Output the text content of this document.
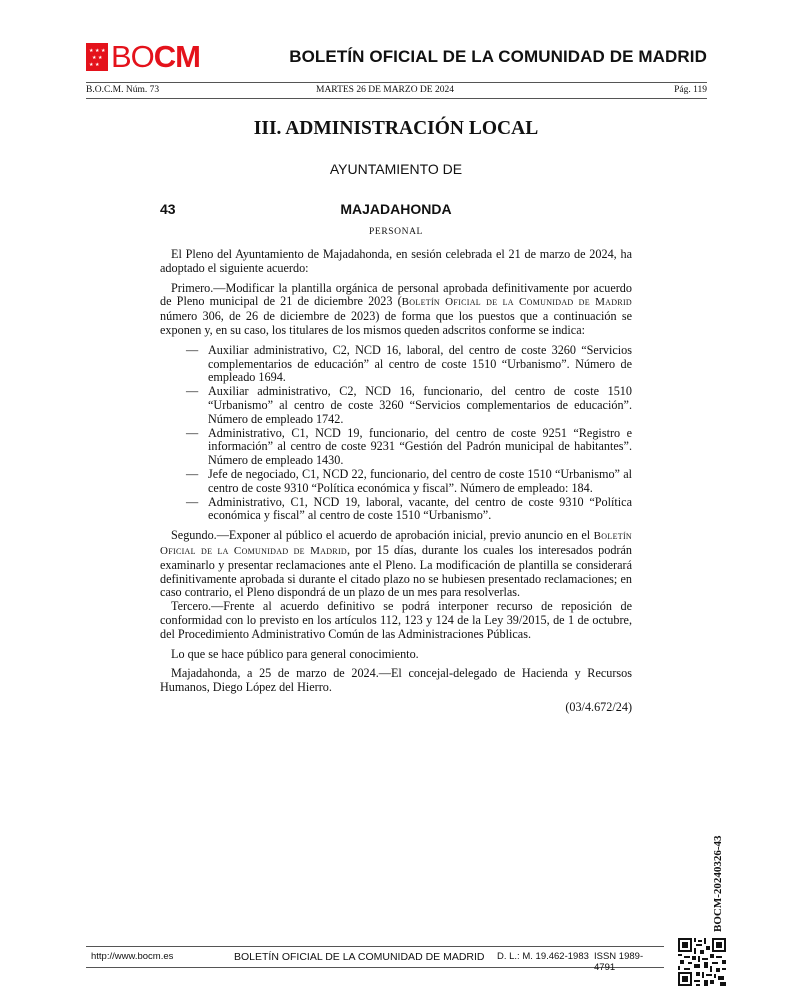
★ ★ ★
★ ★
★
★ BOCM	BOLETÍN OFICIAL DE LA COMUNIDAD DE MADRID
B.O.C.M. Núm. 73	MARTES 26 DE MARZO DE 2024	Pág. 119
III. ADMINISTRACIÓN LOCAL
AYUNTAMIENTO DE
43	MAJADAHONDA
PERSONAL

El Pleno del Ayuntamiento de Majadahonda, en sesión celebrada el 21 de marzo de 2024, ha adoptado el siguiente acuerdo:

Primero.—Modificar la plantilla orgánica de personal aprobada definitivamente por acuerdo de Pleno municipal de 21 de diciembre 2023 (Boletín Oficial de la Comunidad de Madrid número 306, de 26 de diciembre de 2023) de forma que los puestos que a continuación se exponen y, en su caso, los titulares de los mismos queden adscritos conforme se indica:

— Auxiliar administrativo, C2, NCD 16, laboral, del centro de coste 3260 “Servicios complementarios de educación” al centro de coste 1510 “Urbanismo”. Número de empleado 1694.
— Auxiliar administrativo, C2, NCD 16, funcionario, del centro de coste 1510 “Urbanismo” al centro de coste 3260 “Servicios complementarios de educación”. Número de empleado 1742.
— Administrativo, C1, NCD 19, funcionario, del centro de coste 9251 “Registro e información” al centro de coste 9231 “Gestión del Padrón municipal de habitantes”. Número de empleado 1430.
— Jefe de negociado, C1, NCD 22, funcionario, del centro de coste 1510 “Urbanismo” al centro de coste 9310 “Política económica y fiscal”. Número de empleado: 184.
— Administrativo, C1, NCD 19, laboral, vacante, del centro de coste 9310 “Política económica y fiscal” al centro de coste 1510 “Urbanismo”.

Segundo.—Exponer al público el acuerdo de aprobación inicial, previo anuncio en el Boletín Oficial de la Comunidad de Madrid, por 15 días, durante los cuales los interesados podrán examinarlo y presentar reclamaciones ante el Pleno. La modificación de plantilla se considerará definitivamente aprobada si durante el citado plazo no se hubiesen presentado reclamaciones; en caso contrario, el Pleno dispondrá de un plazo de un mes para resolverlas.

Tercero.—Frente al acuerdo definitivo se podrá interponer recurso de reposición de conformidad con lo previsto en los artículos 112, 123 y 124 de la Ley 39/2015, de 1 de octubre, del Procedimiento Administrativo Común de las Administraciones Públicas.

Lo que se hace público para general conocimiento.

Majadahonda, a 25 de marzo de 2024.—El concejal-delegado de Hacienda y Recursos Humanos, Diego López del Hierro.

(03/4.672/24)

BOCM-20240326-43
http://www.bocm.es	BOLETÍN OFICIAL DE LA COMUNIDAD DE MADRID D. L.: M. 19.462-1983 ISSN 1989-4791
